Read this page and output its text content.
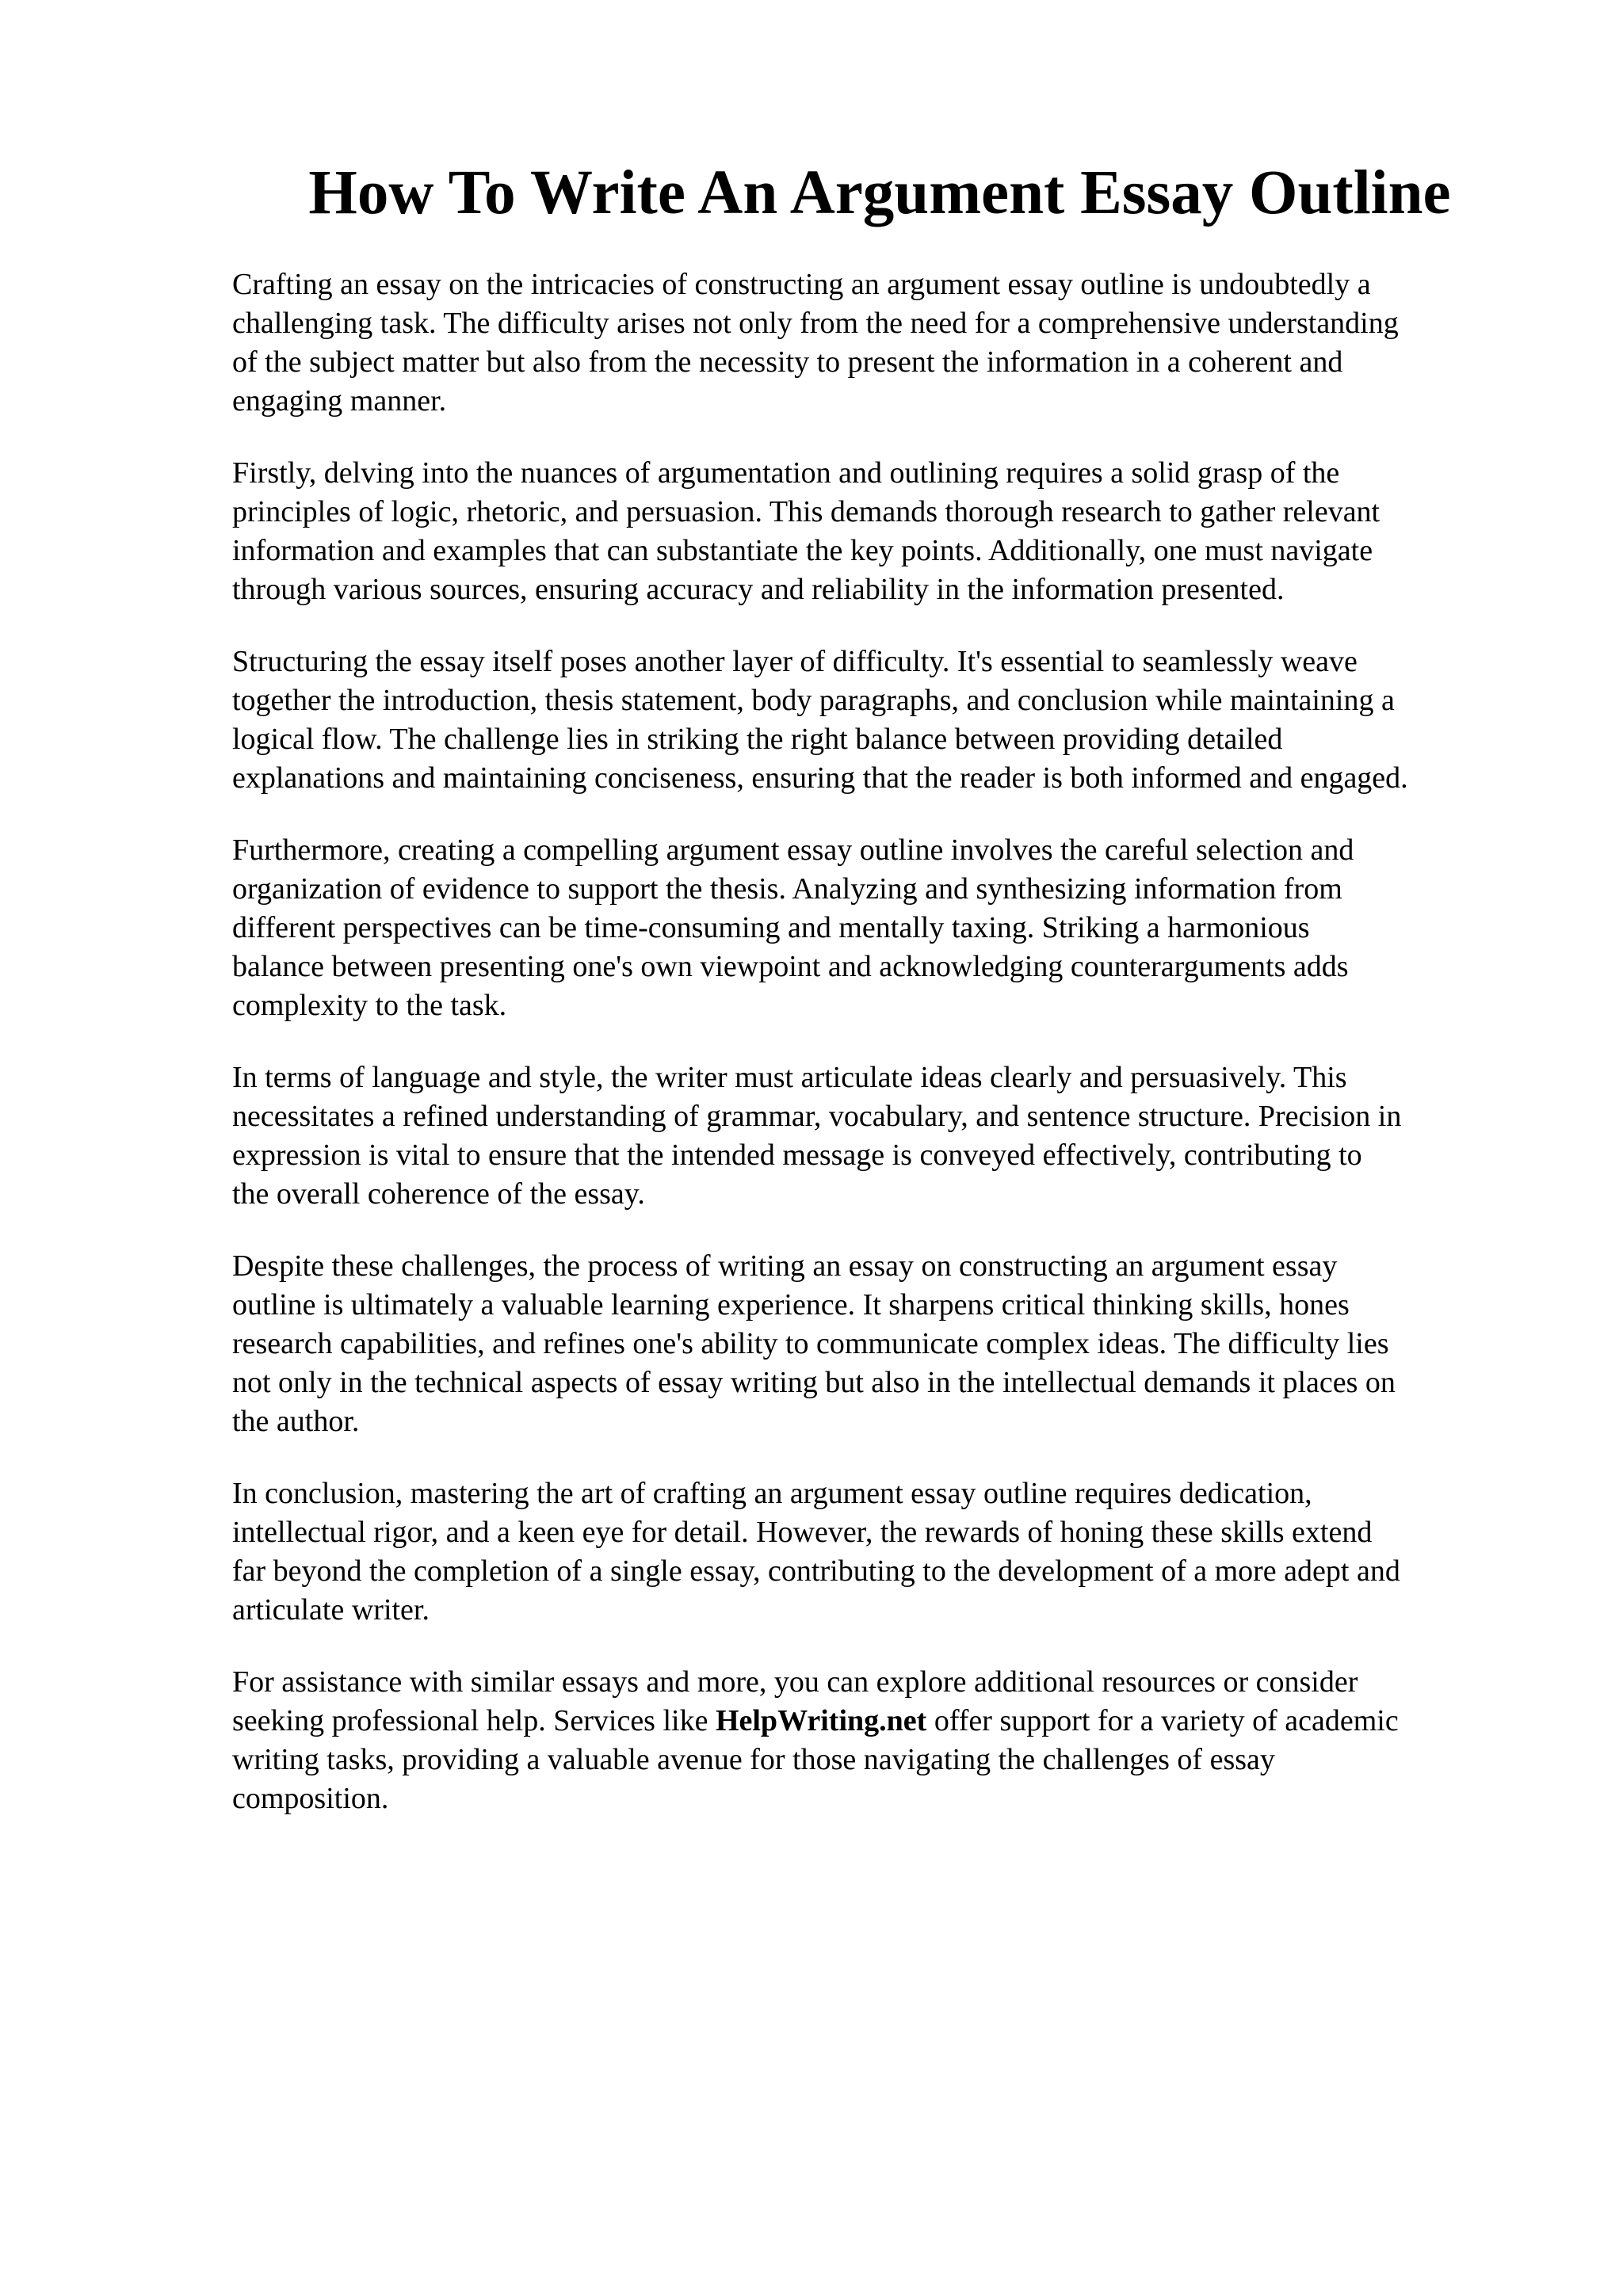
How To Write An Argument Essay Outline

Crafting an essay on the intricacies of constructing an argument essay outline is undoubtedly a
challenging task. The difficulty arises not only from the need for a comprehensive understanding
of the subject matter but also from the necessity to present the information in a coherent and
engaging manner.

Firstly, delving into the nuances of argumentation and outlining requires a solid grasp of the
principles of logic, rhetoric, and persuasion. This demands thorough research to gather relevant
information and examples that can substantiate the key points. Additionally, one must navigate
through various sources, ensuring accuracy and reliability in the information presented.

Structuring the essay itself poses another layer of difficulty. It's essential to seamlessly weave
together the introduction, thesis statement, body paragraphs, and conclusion while maintaining a
logical flow. The challenge lies in striking the right balance between providing detailed
explanations and maintaining conciseness, ensuring that the reader is both informed and engaged.

Furthermore, creating a compelling argument essay outline involves the careful selection and
organization of evidence to support the thesis. Analyzing and synthesizing information from
different perspectives can be time-consuming and mentally taxing. Striking a harmonious
balance between presenting one's own viewpoint and acknowledging counterarguments adds
complexity to the task.

In terms of language and style, the writer must articulate ideas clearly and persuasively. This
necessitates a refined understanding of grammar, vocabulary, and sentence structure. Precision in
expression is vital to ensure that the intended message is conveyed effectively, contributing to
the overall coherence of the essay.

Despite these challenges, the process of writing an essay on constructing an argument essay
outline is ultimately a valuable learning experience. It sharpens critical thinking skills, hones
research capabilities, and refines one's ability to communicate complex ideas. The difficulty lies
not only in the technical aspects of essay writing but also in the intellectual demands it places on
the author.

In conclusion, mastering the art of crafting an argument essay outline requires dedication,
intellectual rigor, and a keen eye for detail. However, the rewards of honing these skills extend
far beyond the completion of a single essay, contributing to the development of a more adept and
articulate writer.

For assistance with similar essays and more, you can explore additional resources or consider
seeking professional help. Services like HelpWriting.net offer support for a variety of academic
writing tasks, providing a valuable avenue for those navigating the challenges of essay
composition.
